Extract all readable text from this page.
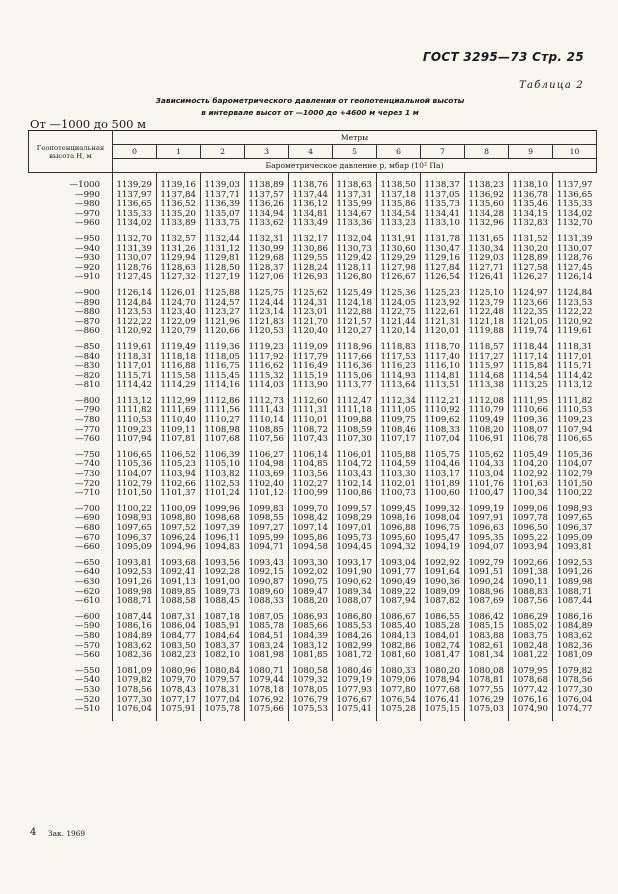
ГОСТ 3295—73 Стр. 25
Таблица 2
Зависимость барометрического давления от геопотенциальной высоты
в интервале высот от —1000 до +4600 м через 1 м
От —1000 до 500 м
Геопотенциальная высота H, м	Метры										
	0	1	2	3	4	5	6	7	8	9	10
	Барометрическое давление p, мбар (10² Па)										

—1000	1139,29	1139,16	1139,03	1138,89	1138,76	1138,63	1138,50	1138,37	1138,23	1138,10	1137,97
—990	1137,97	1137,84	1137,71	1137,57	1137,44	1137,31	1137,18	1137,05	1136,92	1136,78	1136,65
—980	1136,65	1136,52	1136,39	1136,26	1136,12	1135,99	1135,86	1135,73	1135,60	1135,46	1135,33
—970	1135,33	1135,20	1135,07	1134,94	1134,81	1134,67	1134,54	1134,41	1134,28	1134,15	1134,02
—960	1134,02	1133,89	1133,75	1133,62	1133,49	1133,36	1133,23	1133,10	1132,96	1132,83	1132,70

—950	1132,70	1132,57	1132,44	1132,31	1132,17	1132,04	1131,91	1131,78	1131,65	1131,52	1131,39
—940	1131,39	1131,26	1131,12	1130,99	1130,86	1130,73	1130,60	1130,47	1130,34	1130,20	1130,07
—930	1130,07	1129,94	1129,81	1129,68	1129,55	1129,42	1129,29	1129,16	1129,03	1128,89	1128,76
—920	1128,76	1128,63	1128,50	1128,37	1128,24	1128,11	1127,98	1127,84	1127,71	1127,58	1127,45
—910	1127,45	1127,32	1127,19	1127,06	1126,93	1126,80	1126,67	1126,54	1126,41	1126,27	1126,14

—900	1126,14	1126,01	1125,88	1125,75	1125,62	1125,49	1125,36	1125,23	1125,10	1124,97	1124,84
—890	1124,84	1124,70	1124,57	1124,44	1124,31	1124,18	1124,05	1123,92	1123,79	1123,66	1123,53
—880	1123,53	1123,40	1123,27	1123,14	1123,01	1122,88	1122,75	1122,61	1122,48	1122,35	1122,22
—870	1122,22	1122,09	1121,96	1121,83	1121,70	1121,57	1121,44	1121,31	1121,18	1121,05	1120,92
—860	1120,92	1120,79	1120,66	1120,53	1120,40	1120,27	1120,14	1120,01	1119,88	1119,74	1119,61

—850	1119,61	1119,49	1119,36	1119,23	1119,09	1118,96	1118,83	1118,70	1118,57	1118,44	1118,31
—840	1118,31	1118,18	1118,05	1117,92	1117,79	1117,66	1117,53	1117,40	1117,27	1117,14	1117,01
—830	1117,01	1116,88	1116,75	1116,62	1116,49	1116,36	1116,23	1116,10	1115,97	1115,84	1115,71
—820	1115,71	1115,58	1115,45	1115,32	1115,19	1115,06	1114,93	1114,81	1114,68	1114,54	1114,42
—810	1114,42	1114,29	1114,16	1114,03	1113,90	1113,77	1113,64	1113,51	1113,38	1113,25	1113,12

—800	1113,12	1112,99	1112,86	1112,73	1112,60	1112,47	1112,34	1112,21	1112,08	1111,95	1111,82
—790	1111,82	1111,69	1111,56	1111,43	1111,31	1111,18	1111,05	1110,92	1110,79	1110,66	1110,53
—780	1110,53	1110,40	1110,27	1110,14	1110,01	1109,88	1109,75	1109,62	1109,49	1109,36	1109,23
—770	1109,23	1109,11	1108,98	1108,85	1108,72	1108,59	1108,46	1108,33	1108,20	1108,07	1107,94
—760	1107,94	1107,81	1107,68	1107,56	1107,43	1107,30	1107,17	1107,04	1106,91	1106,78	1106,65

—750	1106,65	1106,52	1106,39	1106,27	1106,14	1106,01	1105,88	1105,75	1105,62	1105,49	1105,36
—740	1105,36	1105,23	1105,10	1104,98	1104,85	1104,72	1104,59	1104,46	1104,33	1104,20	1104,07
—730	1104,07	1103,94	1103,82	1103,69	1103,56	1103,43	1103,30	1103,17	1103,04	1102,92	1102,79
—720	1102,79	1102,66	1102,53	1102,40	1102,27	1102,14	1102,01	1101,89	1101,76	1101,63	1101,50
—710	1101,50	1101,37	1101,24	1101,12	1100,99	1100,86	1100,73	1100,60	1100,47	1100,34	1100,22

—700	1100,22	1100,09	1099,96	1099,83	1099,70	1099,57	1099,45	1099,32	1099,19	1099,06	1098,93
—690	1098,93	1098,80	1098,68	1098,55	1098,42	1098,29	1098,16	1098,04	1097,91	1097,78	1097,65
—680	1097,65	1097,52	1097,39	1097,27	1097,14	1097,01	1096,88	1096,75	1096,63	1096,50	1096,37
—670	1096,37	1096,24	1096,11	1095,99	1095,86	1095,73	1095,60	1095,47	1095,35	1095,22	1095,09
—660	1095,09	1094,96	1094,83	1094,71	1094,58	1094,45	1094,32	1094,19	1094,07	1093,94	1093,81

—650	1093,81	1093,68	1093,56	1093,43	1093,30	1093,17	1093,04	1092,92	1092,79	1092,66	1092,53
—640	1092,53	1092,41	1092,28	1092,15	1092,02	1091,90	1091,77	1091,64	1091,51	1091,38	1091,26
—630	1091,26	1091,13	1091,00	1090,87	1090,75	1090,62	1090,49	1090,36	1090,24	1090,11	1089,98
—620	1089,98	1089,85	1089,73	1089,60	1089,47	1089,34	1089,22	1089,09	1088,96	1088,83	1088,71
—610	1088,71	1088,58	1088,45	1088,33	1088,20	1088,07	1087,94	1087,82	1087,69	1087,56	1087,44

—600	1087,44	1087,31	1087,18	1087,05	1086,93	1086,80	1086,67	1086,55	1086,42	1086,29	1086,16
—590	1086,16	1086,04	1085,91	1085,78	1085,66	1085,53	1085,40	1085,28	1085,15	1085,02	1084,89
—580	1084,89	1084,77	1084,64	1084,51	1084,39	1084,26	1084,13	1084,01	1083,88	1083,75	1083,62
—570	1083,62	1083,50	1083,37	1083,24	1083,12	1082,99	1082,86	1082,74	1082,61	1082,48	1082,36
—560	1082,36	1082,23	1082,10	1081,98	1081,85	1081,72	1081,60	1081,47	1081,34	1081,22	1081,09

—550	1081,09	1080,96	1080,84	1080,71	1080,58	1080,46	1080,33	1080,20	1080,08	1079,95	1079,82
—540	1079,82	1079,70	1079,57	1079,44	1079,32	1079,19	1079,06	1078,94	1078,81	1078,68	1078,56
—530	1078,56	1078,43	1078,31	1078,18	1078,05	1077,93	1077,80	1077,68	1077,55	1077,42	1077,30
—520	1077,30	1077,17	1077,04	1076,92	1076,79	1076,67	1076,54	1076,41	1076,29	1076,16	1076,04
—510	1076,04	1075,91	1075,78	1075,66	1075,53	1075,41	1075,28	1075,15	1075,03	1074,90	1074,77

4 Зак. 1969
